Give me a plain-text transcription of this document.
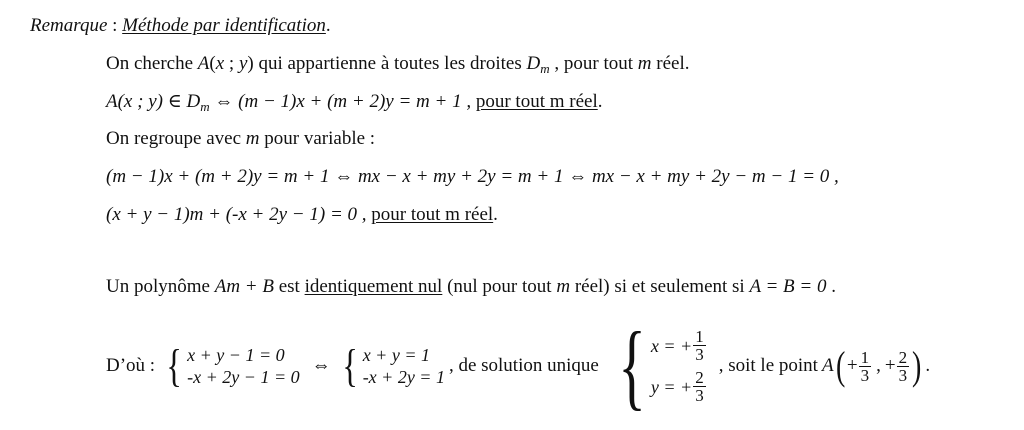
Remarque : Méthode par identification.
On cherche A(x ; y) qui appartienne à toutes les droites $D_m$ , pour tout m réel.
A(x ; y) ∈ $D_m$ ⇔ (m − 1)x + (m + 2)y = m + 1 , pour tout m réel.
On regroupe avec m pour variable :
(m − 1)x + (m + 2)y = m + 1 ⇔ mx − x + my + 2y = m + 1 ⇔ mx − x + my + 2y − m − 1 = 0 ,
(x + y − 1)m + (-x + 2y − 1) = 0 , pour tout m réel.
Un polynôme Am + B est identiquement nul (nul pour tout m réel) si et seulement si A = B = 0 .
D’où : { x + y − 1 = 0
-x + 2y − 1 = 0
⇔ { x + y = 1
-x + 2y = 1
, de solution unique { x = + $\frac{1}{3}$
y = + $\frac{2}{3}$
, soit le point A ( + $\frac{1}{3}$ , + $\frac{2}{3}$ ) .
